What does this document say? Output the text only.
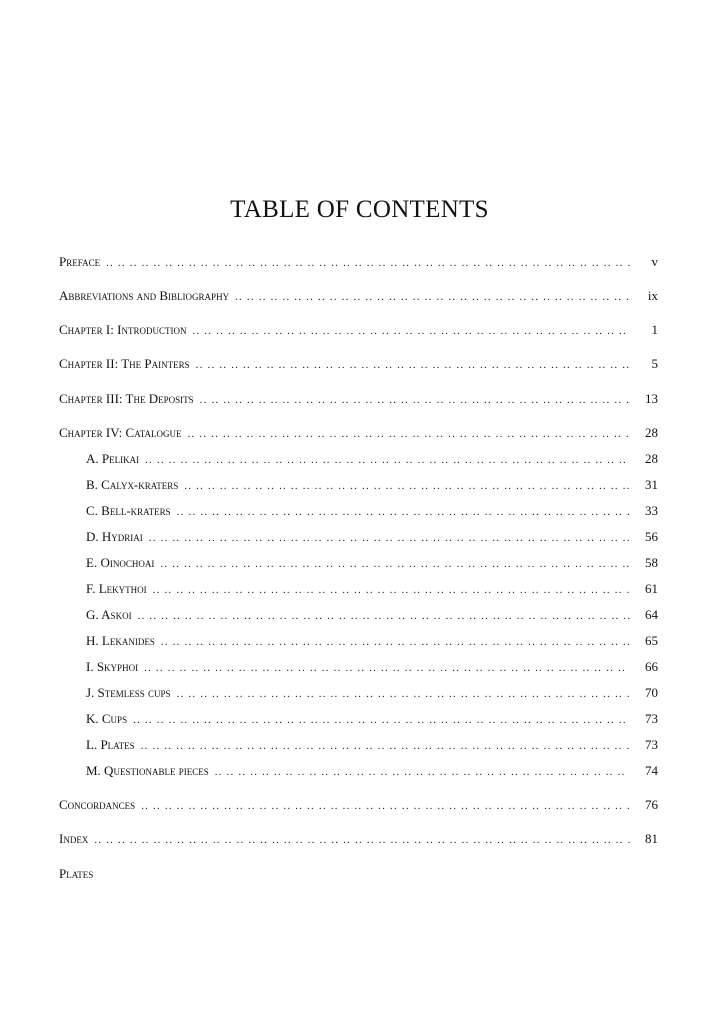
TABLE OF CONTENTS
Preface .. ..	v
Abbreviations and Bibliography .. ..	ix
Chapter I: Introduction .. ..	1
Chapter II: The Painters .. ..	5
Chapter III: The Deposits .. ..	13
Chapter IV: Catalogue .. ..	28
A. Pelikai .. ..	28
B. Calyx-kraters .. ..	31
C. Bell-kraters .. ..	33
D. Hydriai .. ..	56
E. Oinochoai .. ..	58
F. Lekythoi .. ..	61
G. Askoi .. ..	64
H. Lekanides .. ..	65
I. Skyphoi .. ..	66
J. Stemless cups .. ..	70
K. Cups .. ..	73
L. Plates .. ..	73
M. Questionable pieces .. ..	74
Concordances .. ..	76
Index .. ..	81
Plates
